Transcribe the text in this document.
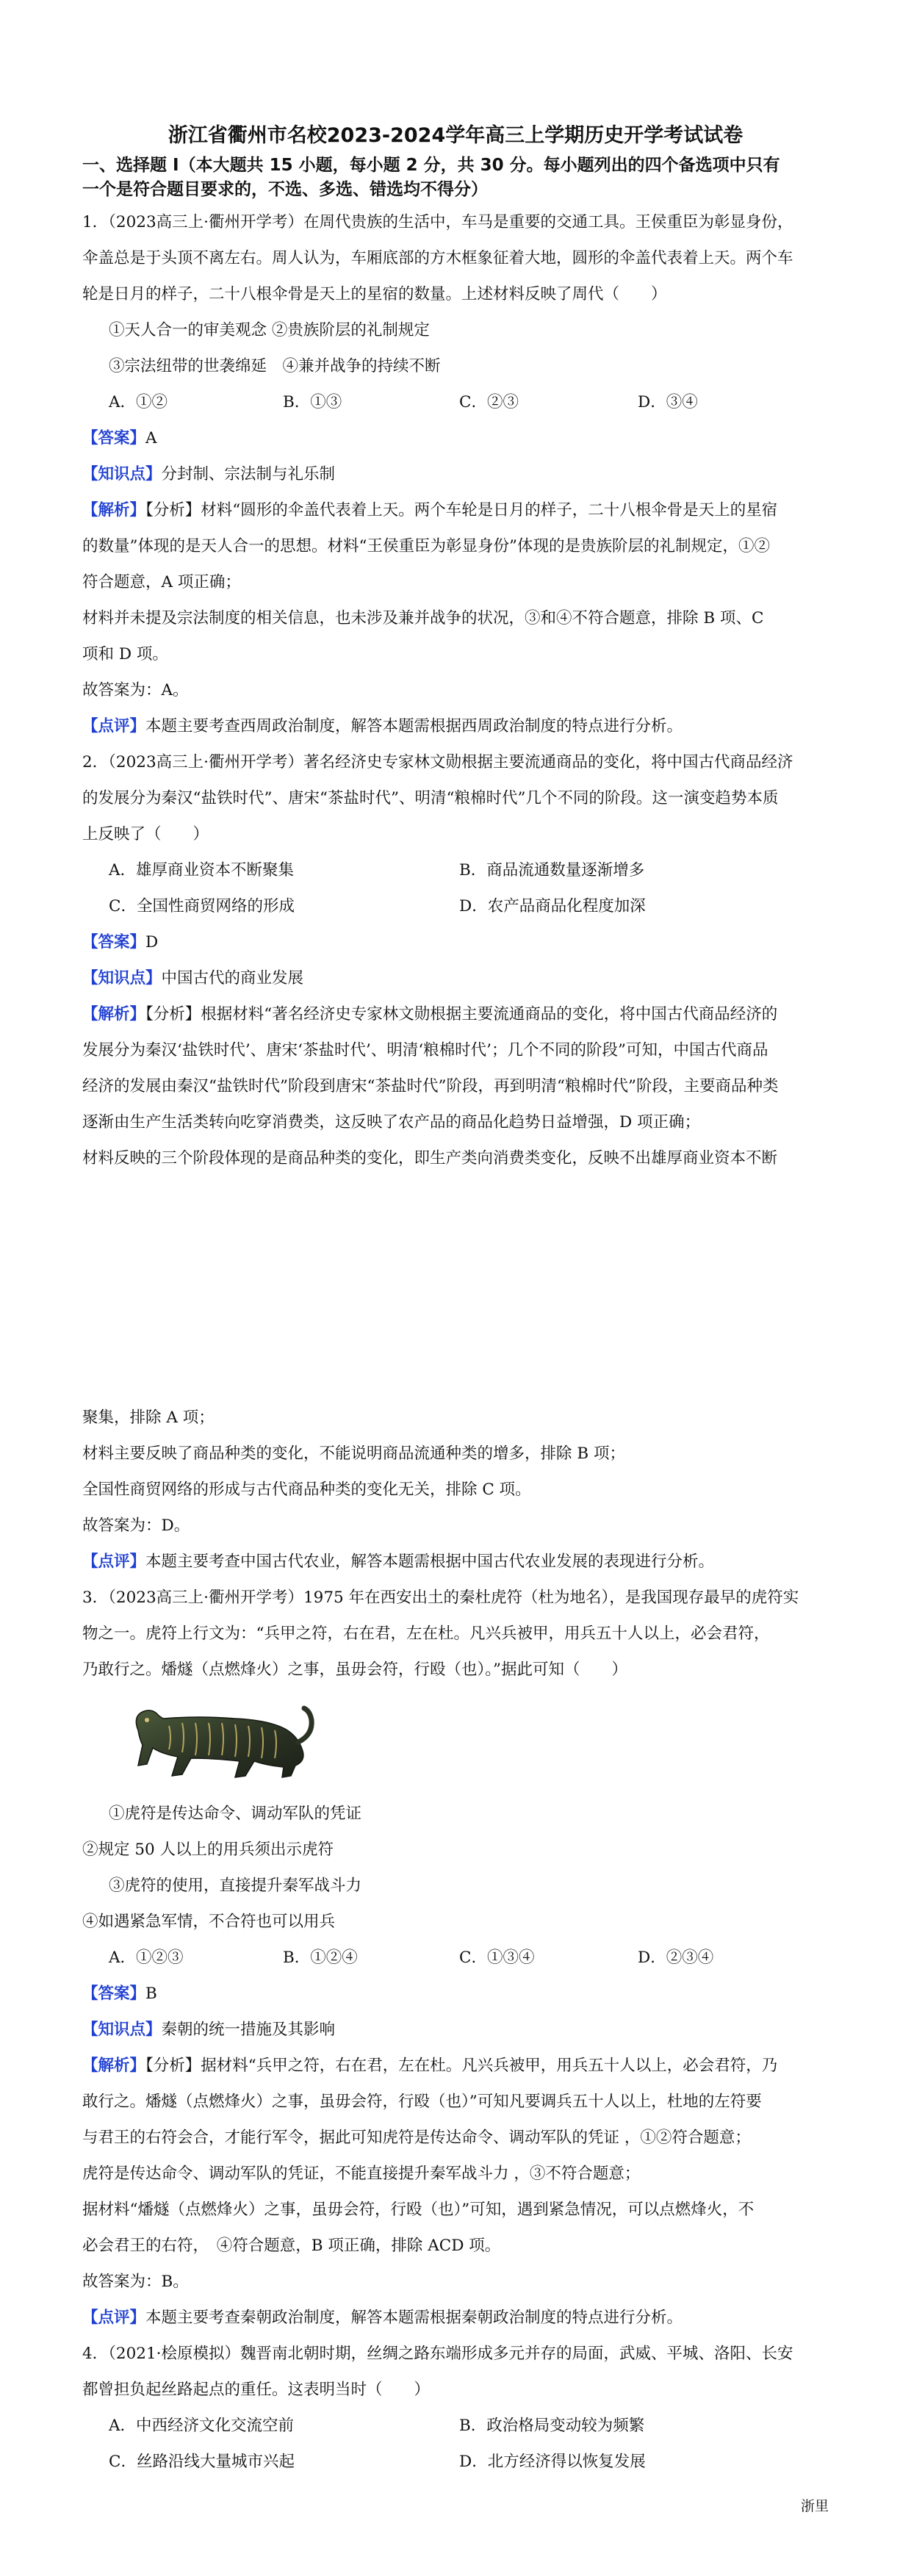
浙江省衢州市名校2023-2024学年高三上学期历史开学考试试卷
一、选择题 I（本大题共 15 小题，每小题 2 分，共 30 分。每小题列出的四个备选项中只有
一个是符合题目要求的，不选、多选、错选均不得分）
1．（2023高三上·衢州开学考）在周代贵族的生活中，车马是重要的交通工具。王侯重臣为彰显身份，
伞盖总是于头顶不离左右。周人认为，车厢底部的方木框象征着大地，圆形的伞盖代表着上天。两个车
轮是日月的样子，二十八根伞骨是天上的星宿的数量。上述材料反映了周代（　　）
①天人合一的审美观念 ②贵族阶层的礼制规定
③宗法纽带的世袭绵延　④兼并战争的持续不断
A．①②	B．①③	C．②③	D．③④
【答案】A
【知识点】分封制、宗法制与礼乐制
【解析】【分析】材料“圆形的伞盖代表着上天。两个车轮是日月的样子，二十八根伞骨是天上的星宿
的数量”体现的是天人合一的思想。材料“王侯重臣为彰显身份”体现的是贵族阶层的礼制规定，①②
符合题意，A 项正确；
材料并未提及宗法制度的相关信息，也未涉及兼并战争的状况，③和④不符合题意，排除 B 项、C
项和 D 项。
故答案为：A。
【点评】本题主要考查西周政治制度，解答本题需根据西周政治制度的特点进行分析。
2．（2023高三上·衢州开学考）著名经济史专家林文勋根据主要流通商品的变化，将中国古代商品经济
的发展分为秦汉“盐铁时代”、唐宋“茶盐时代”、明清“粮棉时代”几个不同的阶段。这一演变趋势本质
上反映了（　　）
A．雄厚商业资本不断聚集	B．商品流通数量逐渐增多
C．全国性商贸网络的形成	D．农产品商品化程度加深
【答案】D
【知识点】中国古代的商业发展
【解析】【分析】根据材料“著名经济史专家林文勋根据主要流通商品的变化，将中国古代商品经济的
发展分为秦汉‘盐铁时代’、唐宋‘茶盐时代’、明清‘粮棉时代’；几个不同的阶段”可知，中国古代商品
经济的发展由秦汉“盐铁时代”阶段到唐宋“茶盐时代”阶段，再到明清“粮棉时代”阶段，主要商品种类
逐渐由生产生活类转向吃穿消费类，这反映了农产品的商品化趋势日益增强，D 项正确；
材料反映的三个阶段体现的是商品种类的变化，即生产类向消费类变化，反映不出雄厚商业资本不断
聚集，排除 A 项；
材料主要反映了商品种类的变化，不能说明商品流通种类的增多，排除 B 项；
全国性商贸网络的形成与古代商品种类的变化无关，排除 C 项。
故答案为：D。
【点评】本题主要考查中国古代农业，解答本题需根据中国古代农业发展的表现进行分析。
3．（2023高三上·衢州开学考）1975 年在西安出土的秦杜虎符（杜为地名），是我国现存最早的虎符实
物之一。虎符上行文为：“兵甲之符，右在君，左在杜。凡兴兵被甲，用兵五十人以上，必会君符，
乃敢行之。燔燧（点燃烽火）之事，虽毋会符，行殴（也）。”据此可知（　　）
①虎符是传达命令、调动军队的凭证
②规定 50 人以上的用兵须出示虎符
③虎符的使用，直接提升秦军战斗力
④如遇紧急军情，不合符也可以用兵
A．①②③	B．①②④	C．①③④	D．②③④
【答案】B
【知识点】秦朝的统一措施及其影响
【解析】【分析】据材料“兵甲之符，右在君，左在杜。凡兴兵被甲，用兵五十人以上，必会君符，乃
敢行之。燔燧（点燃烽火）之事，虽毋会符，行殴（也）”可知凡要调兵五十人以上，杜地的左符要
与君王的右符会合，才能行军令，据此可知虎符是传达命令、调动军队的凭证 ，①②符合题意；
虎符是传达命令、调动军队的凭证，不能直接提升秦军战斗力 ，③不符合题意；
据材料“燔燧（点燃烽火）之事，虽毋会符，行殴（也）”可知，遇到紧急情况，可以点燃烽火，不
必会君王的右符，　④符合题意，B 项正确，排除 ACD 项。
故答案为：B。
【点评】本题主要考查秦朝政治制度，解答本题需根据秦朝政治制度的特点进行分析。
4．（2021·桧原模拟）魏晋南北朝时期，丝绸之路东端形成多元并存的局面，武威、平城、洛阳、长安
都曾担负起丝路起点的重任。这表明当时（　　）
A．中西经济文化交流空前	B．政治格局变动较为频繁
C．丝路沿线大量城市兴起	D．北方经济得以恢复发展
浙里
